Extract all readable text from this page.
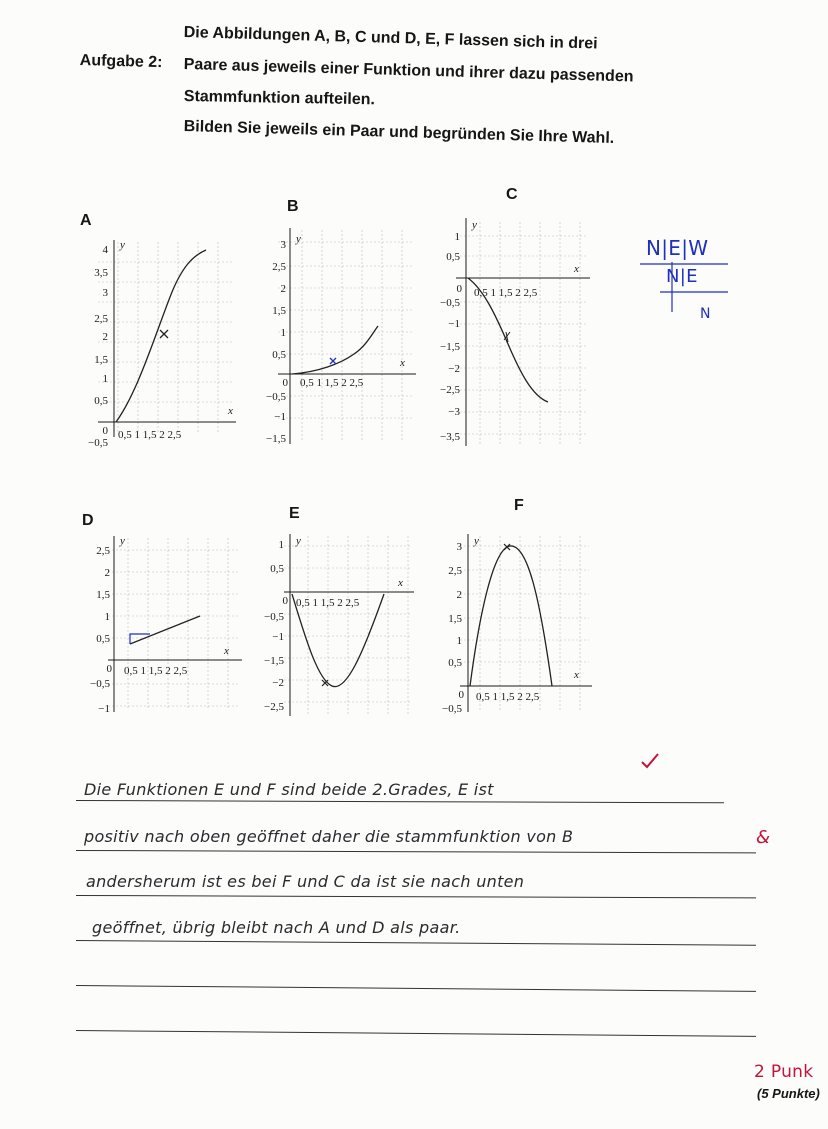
Aufgabe 2:
Die Abbildungen A, B, C und D, E, F lassen sich in drei
Paare aus jeweils einer Funktion und ihrer dazu passenden
Stammfunktion aufteilen.
Bilden Sie jeweils ein Paar und begründen Sie Ihre Wahl.
A
B
C
D	E	F
4
3,5
3
2,5
2
1,5
1
0,5
0
−0,5
0,5 1 1,5 2 2,5
x
y	3
2,5
2
1,5
1
0,5
0
−0,5
−1
−1,5
0,5 1 1,5 2 2,5
x
y	1
0,5
0
−0,5
−1
−1,5
−2
−2,5
−3
−3,5
0,5 1 1,5 2 2,5
x
y
2,5
2
1,5
1
0,5
0
−0,5
−1
0,5 1 1,5 2 2,5
x
y	1
0,5
0
−0,5
−1
−1,5
−2
−2,5
0,5 1 1,5 2 2,5
x
y	3
2,5
2
1,5
1
0,5
0
−0,5
0,5 1 1,5 2 2,5
x
y
N|E|W
N|E
N
Die Funktionen E und F sind beide 2.Grades, E ist
positiv nach oben geöffnet daher die stammfunktion von B	&
andersherum ist es bei F und C da ist sie nach unten
geöffnet, übrig bleibt nach A und D als paar.
2 Punk
(5 Punkte)
